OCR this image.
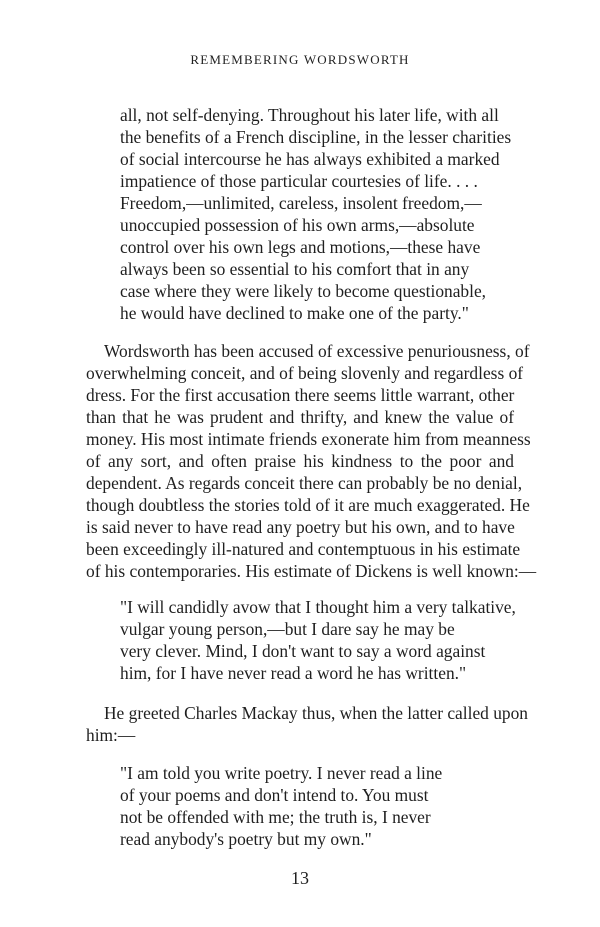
REMEMBERING WORDSWORTH
all, not self-denying. Throughout his later life, with all
the benefits of a French discipline, in the lesser charities
of social intercourse he has always exhibited a marked
impatience of those particular courtesies of life. . . .
Freedom,—unlimited, careless, insolent freedom,—
unoccupied possession of his own arms,—absolute
control over his own legs and motions,—these have
always been so essential to his comfort that in any
case where they were likely to become questionable,
he would have declined to make one of the party."
Wordsworth has been accused of excessive penuriousness, of
overwhelming conceit, and of being slovenly and regardless of
dress. For the first accusation there seems little warrant, other
than that he was prudent and thrifty, and knew the value of
money. His most intimate friends exonerate him from meanness
of any sort, and often praise his kindness to the poor and
dependent. As regards conceit there can probably be no denial,
though doubtless the stories told of it are much exaggerated. He
is said never to have read any poetry but his own, and to have
been exceedingly ill-natured and contemptuous in his estimate
of his contemporaries. His estimate of Dickens is well known:—
"I will candidly avow that I thought him a very talkative,
vulgar young person,—but I dare say he may be
very clever. Mind, I don't want to say a word against
him, for I have never read a word he has written."
He greeted Charles Mackay thus, when the latter called upon
him:—
"I am told you write poetry. I never read a line
of your poems and don't intend to. You must
not be offended with me; the truth is, I never
read anybody's poetry but my own."
13
